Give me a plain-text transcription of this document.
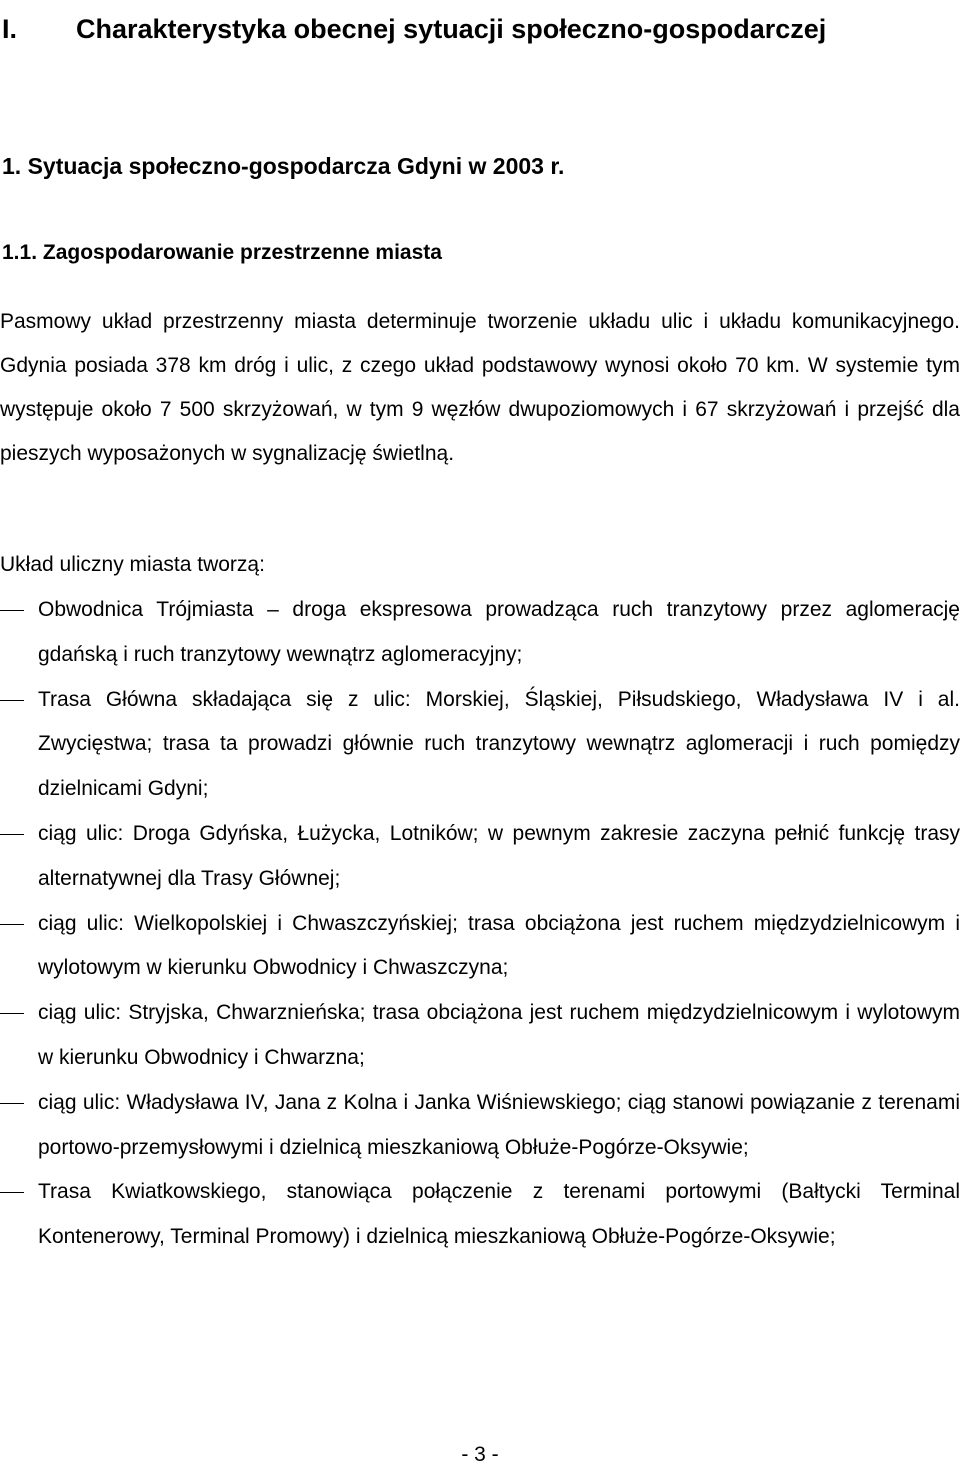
I. Charakterystyka obecnej sytuacji społeczno-gospodarczej
1. Sytuacja społeczno-gospodarcza Gdyni w 2003 r.
1.1. Zagospodarowanie przestrzenne miasta

Pasmowy układ przestrzenny miasta determinuje tworzenie układu ulic i układu komunikacyjnego. Gdynia posiada 378 km dróg i ulic, z czego układ podstawowy wynosi około 70 km. W systemie tym występuje około 7 500 skrzyżowań, w tym 9 węzłów dwupoziomowych i 67 skrzyżowań i przejść dla pieszych wyposażonych w sygnalizację świetlną.

Układ uliczny miasta tworzą:

Obwodnica Trójmiasta – droga ekspresowa prowadząca ruch tranzytowy przez aglomerację gdańską i ruch tranzytowy wewnątrz aglomeracyjny;
Trasa Główna składająca się z ulic: Morskiej, Śląskiej, Piłsudskiego, Władysława IV i al. Zwycięstwa; trasa ta prowadzi głównie ruch tranzytowy wewnątrz aglomeracji i ruch pomiędzy dzielnicami Gdyni;
ciąg ulic: Droga Gdyńska, Łużycka, Lotników; w pewnym zakresie zaczyna pełnić funkcję trasy alternatywnej dla Trasy Głównej;
ciąg ulic: Wielkopolskiej i Chwaszczyńskiej; trasa obciążona jest ruchem międzydzielnicowym i wylotowym w kierunku Obwodnicy i Chwaszczyna;
ciąg ulic: Stryjska, Chwarznieńska; trasa obciążona jest ruchem międzydzielnicowym i wylotowym w kierunku Obwodnicy i Chwarzna;
ciąg ulic: Władysława IV, Jana z Kolna i Janka Wiśniewskiego; ciąg stanowi powiązanie z terenami portowo-przemysłowymi i dzielnicą mieszkaniową Obłuże-Pogórze-Oksywie;
Trasa Kwiatkowskiego, stanowiąca połączenie z terenami portowymi (Bałtycki Terminal Kontenerowy, Terminal Promowy) i dzielnicą mieszkaniową Obłuże-Pogórze-Oksywie;
- 3 -
